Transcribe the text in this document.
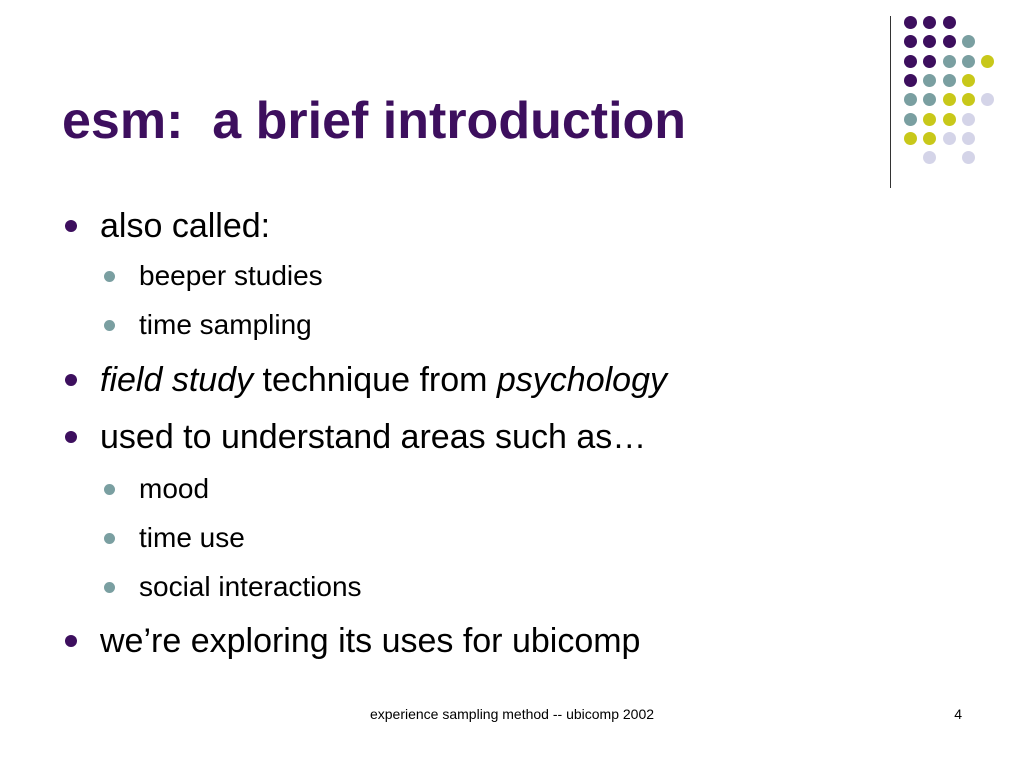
esm:  a brief introduction
also called:
beeper studies
time sampling
field study technique from psychology
used to understand areas such as…
mood
time use
social interactions
we’re exploring its uses for ubicomp
experience sampling method -- ubicomp 2002	4
